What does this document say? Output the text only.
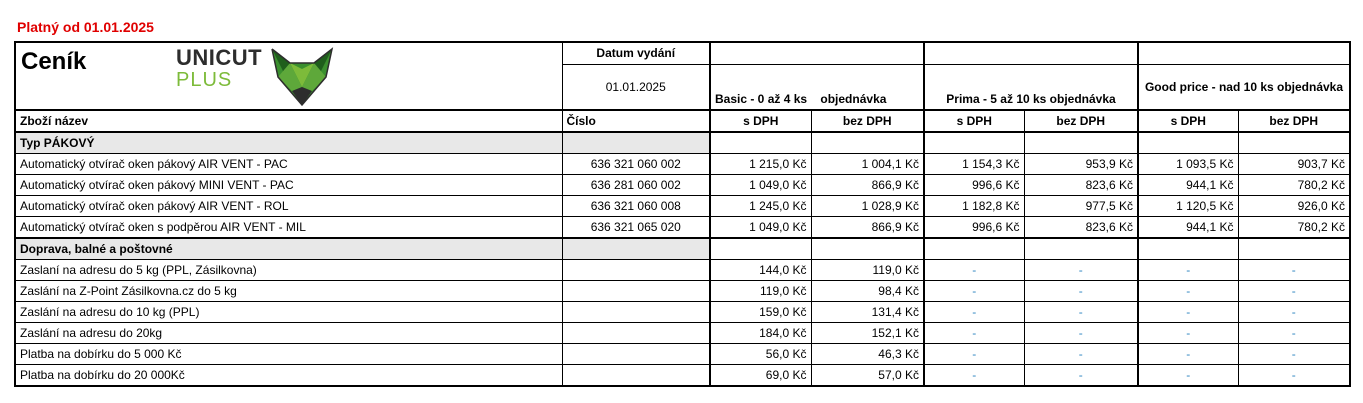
Platný od 01.01.2025
Ceník UNICUT
PLUS	Datum vydání						
	01.01.2025	Basic - 0 až 4 ks    objednávka		Prima - 5 až 10 ks objednávka		Good price - nad 10 ks objednávka	
Zboží název	Číslo	s DPH	bez DPH	s DPH	bez DPH	s DPH	bez DPH
Typ PÁKOVÝ							
Automatický otvírač oken pákový AIR VENT - PAC	636 321 060 002	1 215,0 Kč	1 004,1 Kč	1 154,3 Kč	953,9 Kč	1 093,5 Kč	903,7 Kč
Automatický otvírač oken pákový MINI VENT - PAC	636 281 060 002	1 049,0 Kč	866,9 Kč	996,6 Kč	823,6 Kč	944,1 Kč	780,2 Kč
Automatický otvírač oken pákový AIR VENT - ROL	636 321 060 008	1 245,0 Kč	1 028,9 Kč	1 182,8 Kč	977,5 Kč	1 120,5 Kč	926,0 Kč
Automatický otvírač oken s podpěrou AIR VENT - MIL	636 321 065 020	1 049,0 Kč	866,9 Kč	996,6 Kč	823,6 Kč	944,1 Kč	780,2 Kč
Doprava, balné a poštovné							
Zaslaní na adresu do 5 kg (PPL, Zásilkovna)		144,0 Kč	119,0 Kč	-	-	-	-
Zaslání na Z-Point Zásilkovna.cz do 5 kg		119,0 Kč	98,4 Kč	-	-	-	-
Zaslání na adresu do 10 kg (PPL)		159,0 Kč	131,4 Kč	-	-	-	-
Zaslání na adresu do 20kg		184,0 Kč	152,1 Kč	-	-	-	-
Platba na dobírku do 5 000 Kč		56,0 Kč	46,3 Kč	-	-	-	-
Platba na dobírku do 20 000Kč		69,0 Kč	57,0 Kč	-	-	-	-
